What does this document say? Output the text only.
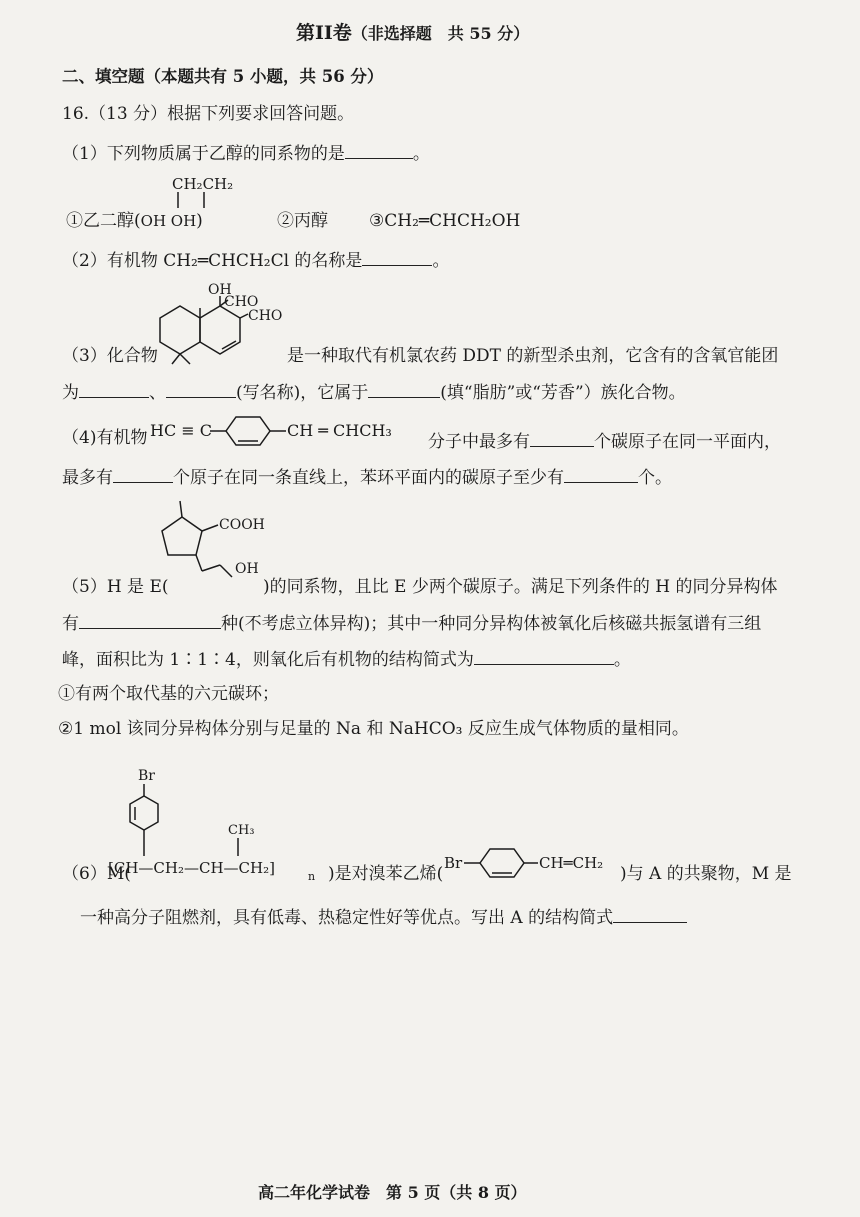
第II卷（非选择题　共 55 分）
二、填空题（本题共有 5 小题，共 56 分）
16.（13 分）根据下列要求回答问题。
（1）下列物质属于乙醇的同系物的是	。
CH₂CH₂
①乙二醇(OH OH)	②丙醇 ③CH₂═CHCH₂OH
（2）有机物 CH₂═CHCH₂Cl 的名称是	。
OH
CHO
CHO
（3）化合物	是一种取代有机氯农药 DDT 的新型杀虫剂，它含有的含氧官能团
为	、	(写名称)，它属于	(填“脂肪”或“芳香”）族化合物。
（4)有机物 HC ≡ C	CH ═ CHCH₃
分子中最多有	个碳原子在同一平面内，
最多有	个原子在同一条直线上，苯环平面内的碳原子至少有	个。
COOH
OH
（5）H 是 E(	)的同系物，且比 E 少两个碳原子。满足下列条件的 H 的同分异构体
有	种(不考虑立体异构)；其中一种同分异构体被氧化后核磁共振氢谱有三组
峰，面积比为 1∶1∶4，则氧化后有机物的结构简式为	。
①有两个取代基的六元碳环；
②1 mol 该同分异构体分别与足量的 Na 和 NaHCO₃ 反应生成气体物质的量相同。
Br
CH₃
[CH—CH₂—CH—CH₂]	n
（6）M(	)是对溴苯乙烯(
Br	CH═CH₂
)与 A 的共聚物，M 是
一种高分子阻燃剂，具有低毒、热稳定性好等优点。写出 A 的结构简式
高二年化学试卷　第 5 页（共 8 页）
